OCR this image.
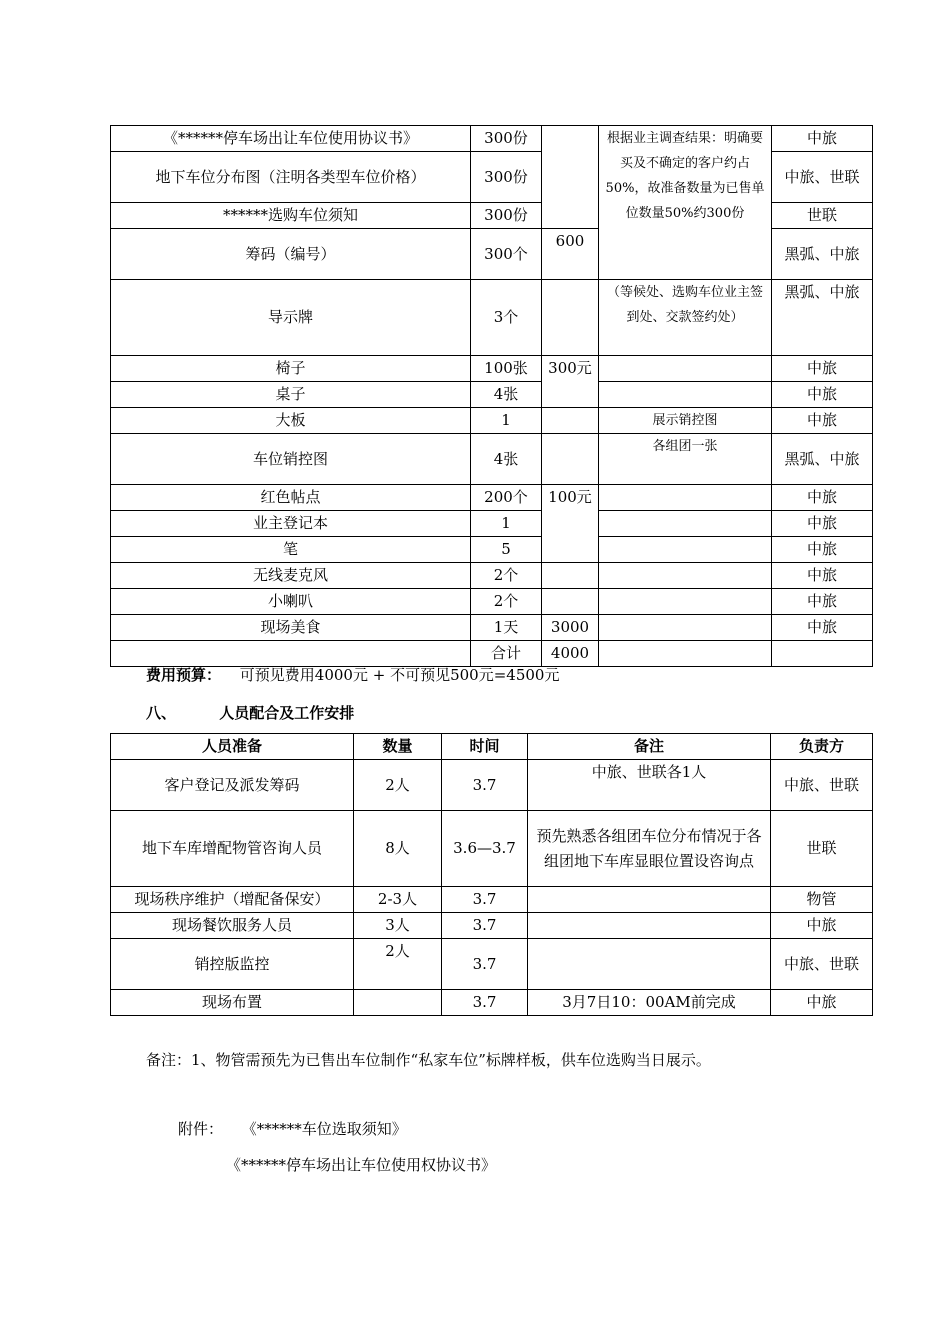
《******停车场出让车位使用协议书》	300份		根据业主调查结果：明确要买及不确定的客户约占50%，故准备数量为已售单位数量50%约300份	中旅
地下车位分布图（注明各类型车位价格）	300份			中旅、世联
******选购车位须知	300份			世联
筹码（编号）	300个	600		黑弧、中旅
导示牌	3个		（等候处、选购车位业主签到处、交款签约处）	黑弧、中旅
椅子	100张	300元		中旅
桌子	4张			中旅
大板	1		展示销控图	中旅
车位销控图	4张		各组团一张	黑弧、中旅
红色帖点	200个	100元		中旅
业主登记本	1			中旅
笔	5			中旅
无线麦克风	2个			中旅
小喇叭	2个			中旅
现场美食	1天	3000		中旅
	合计	4000		
费用预算： 可预见费用4000元 + 不可预见500元=4500元
八、	人员配合及工作安排
人员准备	数量	时间	备注	负责方
客户登记及派发筹码	2人	3.7	中旅、世联各1人	中旅、世联
地下车库增配物管咨询人员	8人	3.6—3.7	预先熟悉各组团车位分布情况于各组团地下车库显眼位置设咨询点	世联
现场秩序维护（增配备保安）	2-3人	3.7		物管
现场餐饮服务人员	3人	3.7		中旅
销控版监控	2人	3.7		中旅、世联
现场布置		3.7	3月7日10：00AM前完成	中旅
备注：1、物管需预先为已售出车位制作“私家车位”标牌样板，供车位选购当日展示。
附件： 《******车位选取须知》
《******停车场出让车位使用权协议书》
